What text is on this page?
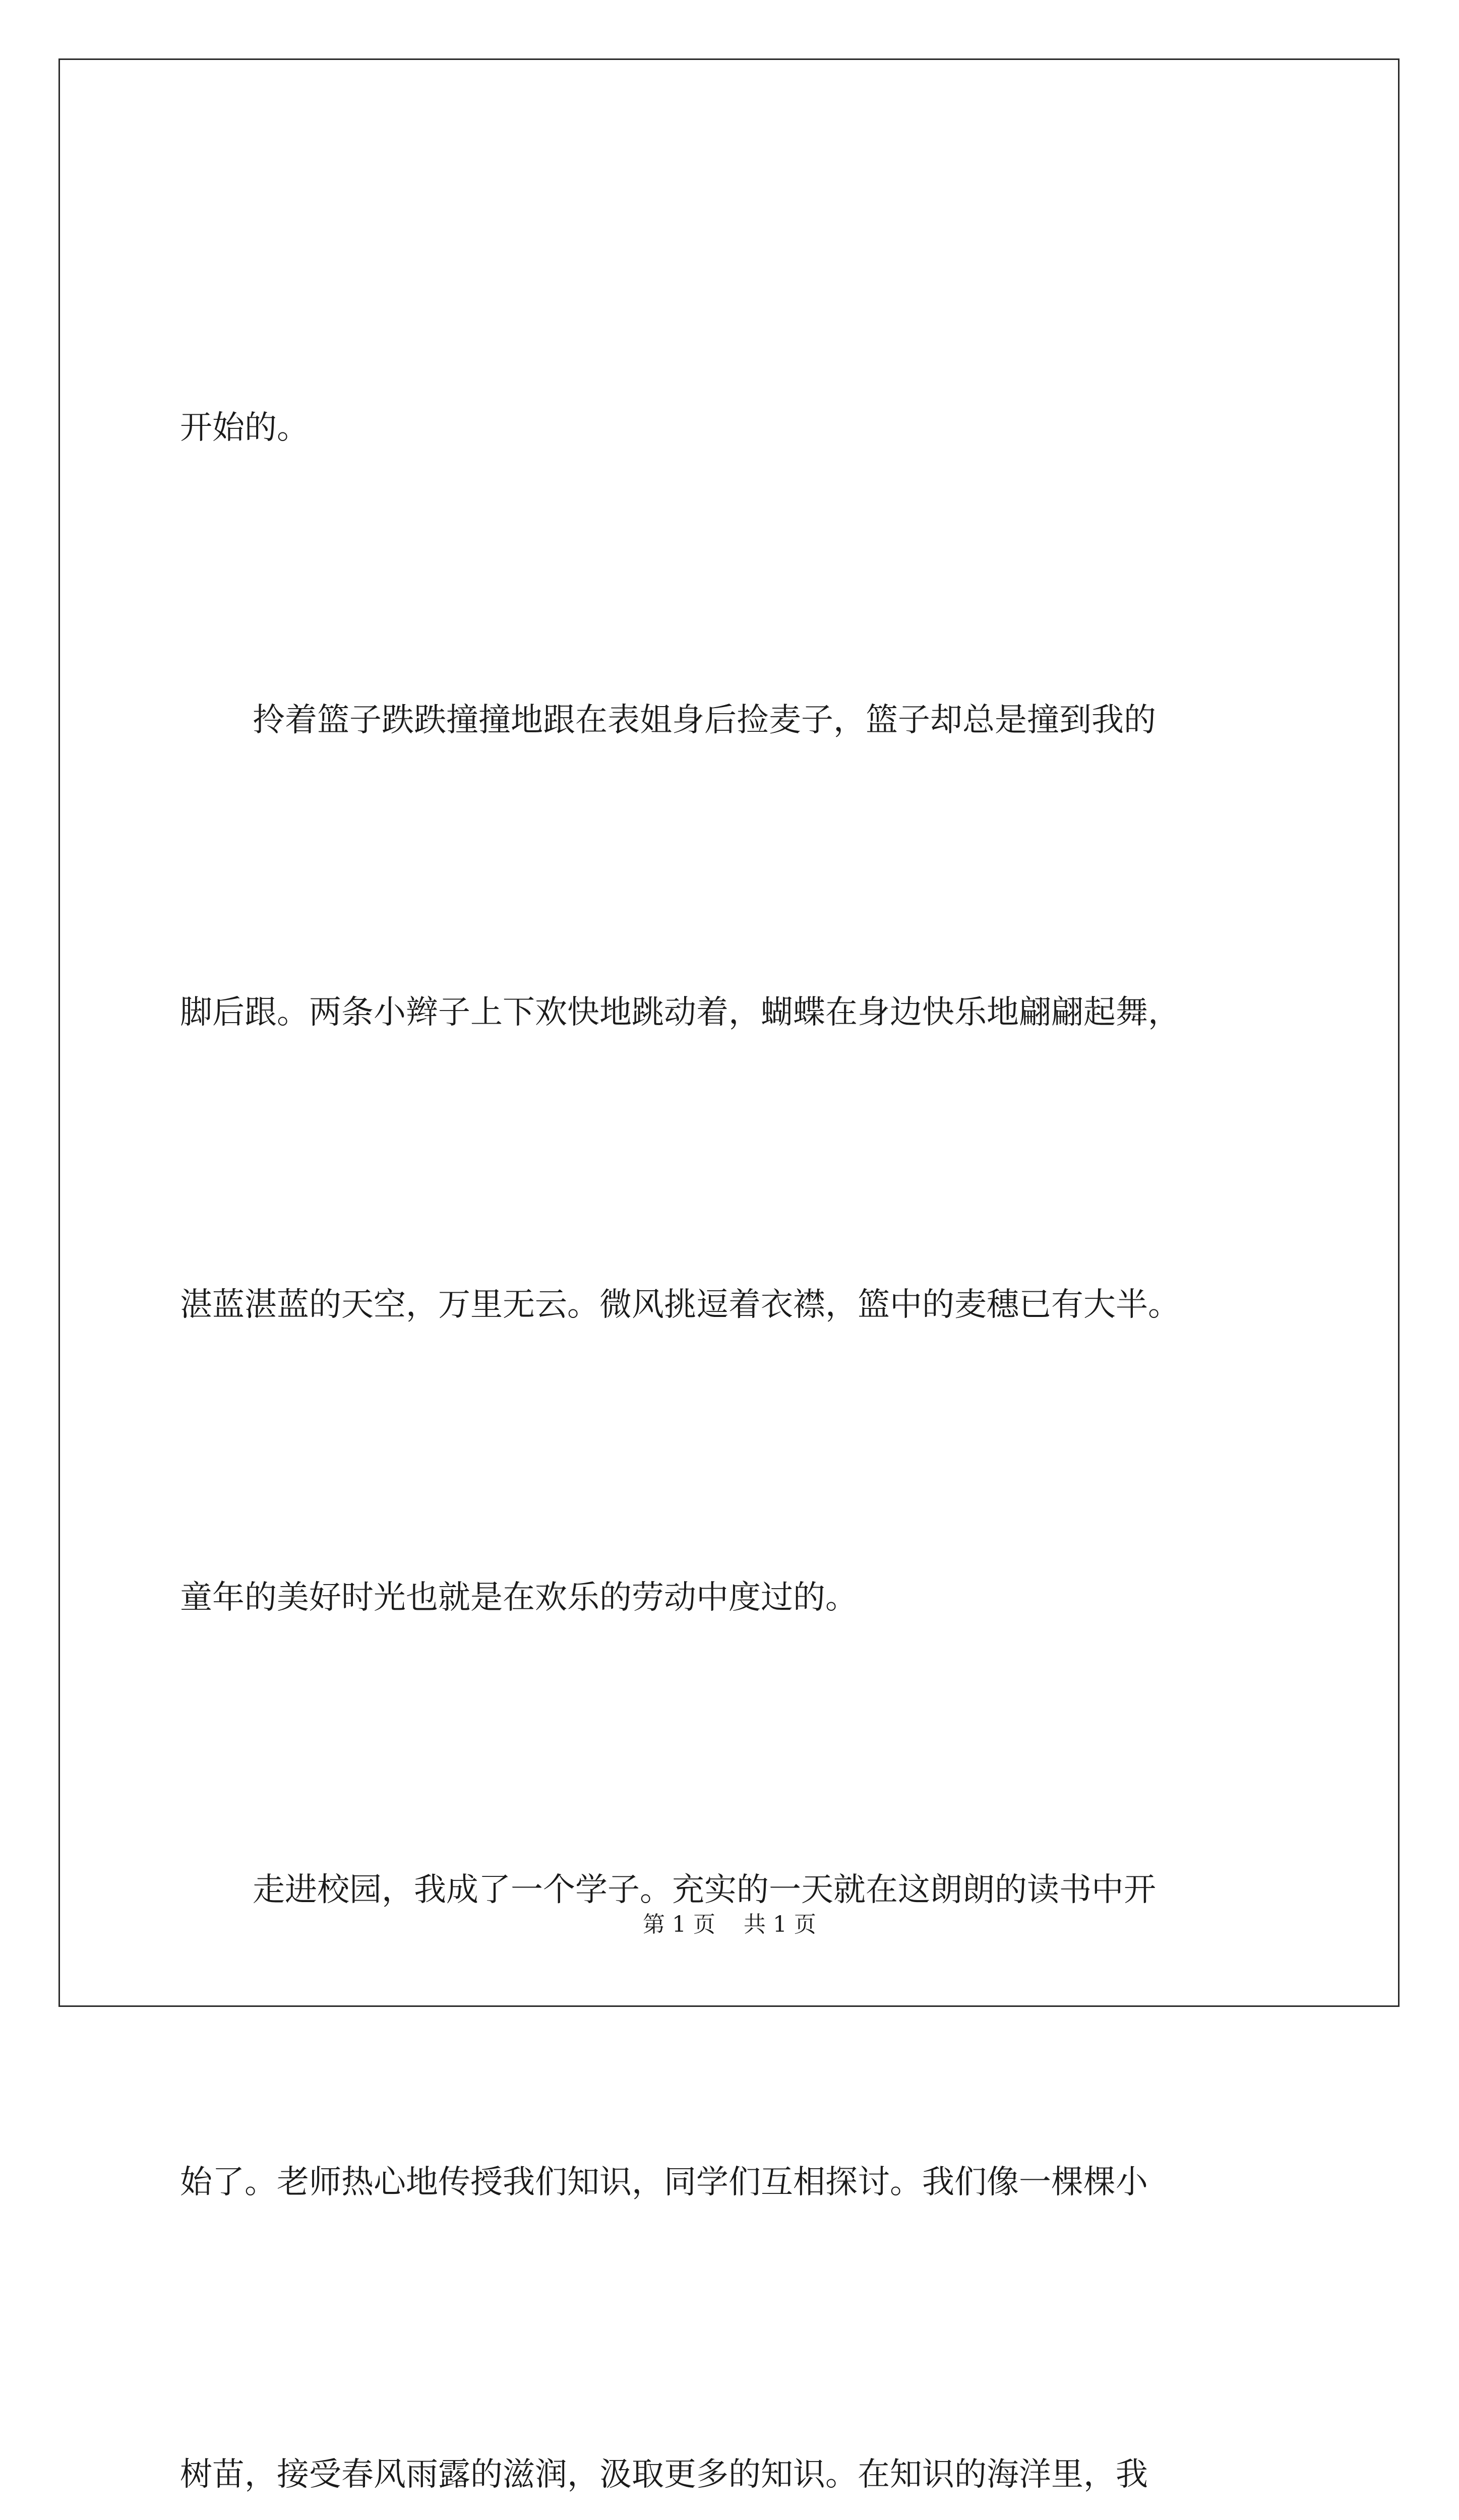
开始的。

拎着篮子跌跌撞撞地跟在表姐身后捡麦子，篮子却总是撞到我的

脚后跟。两条小辫子上下欢快地跳动着，蝴蝶在身边快乐地翩翩起舞，

湛蓝湛蓝的天空，万里无云。微风挑逗着衣襟，篮中的麦穗已有大半。

童年的美好时光也就是在欢乐的劳动中度过的。

走进校园，我成了一个学子。充实的一天就在这朗朗的读书中开

始了。老师热心地传授我们知识，同学们互相探讨。我们像一棵棵小

树苗，接受春风雨露的滋润，汲取更多的知识。在知识的海洋里，我

第 1 页    共 1 页
